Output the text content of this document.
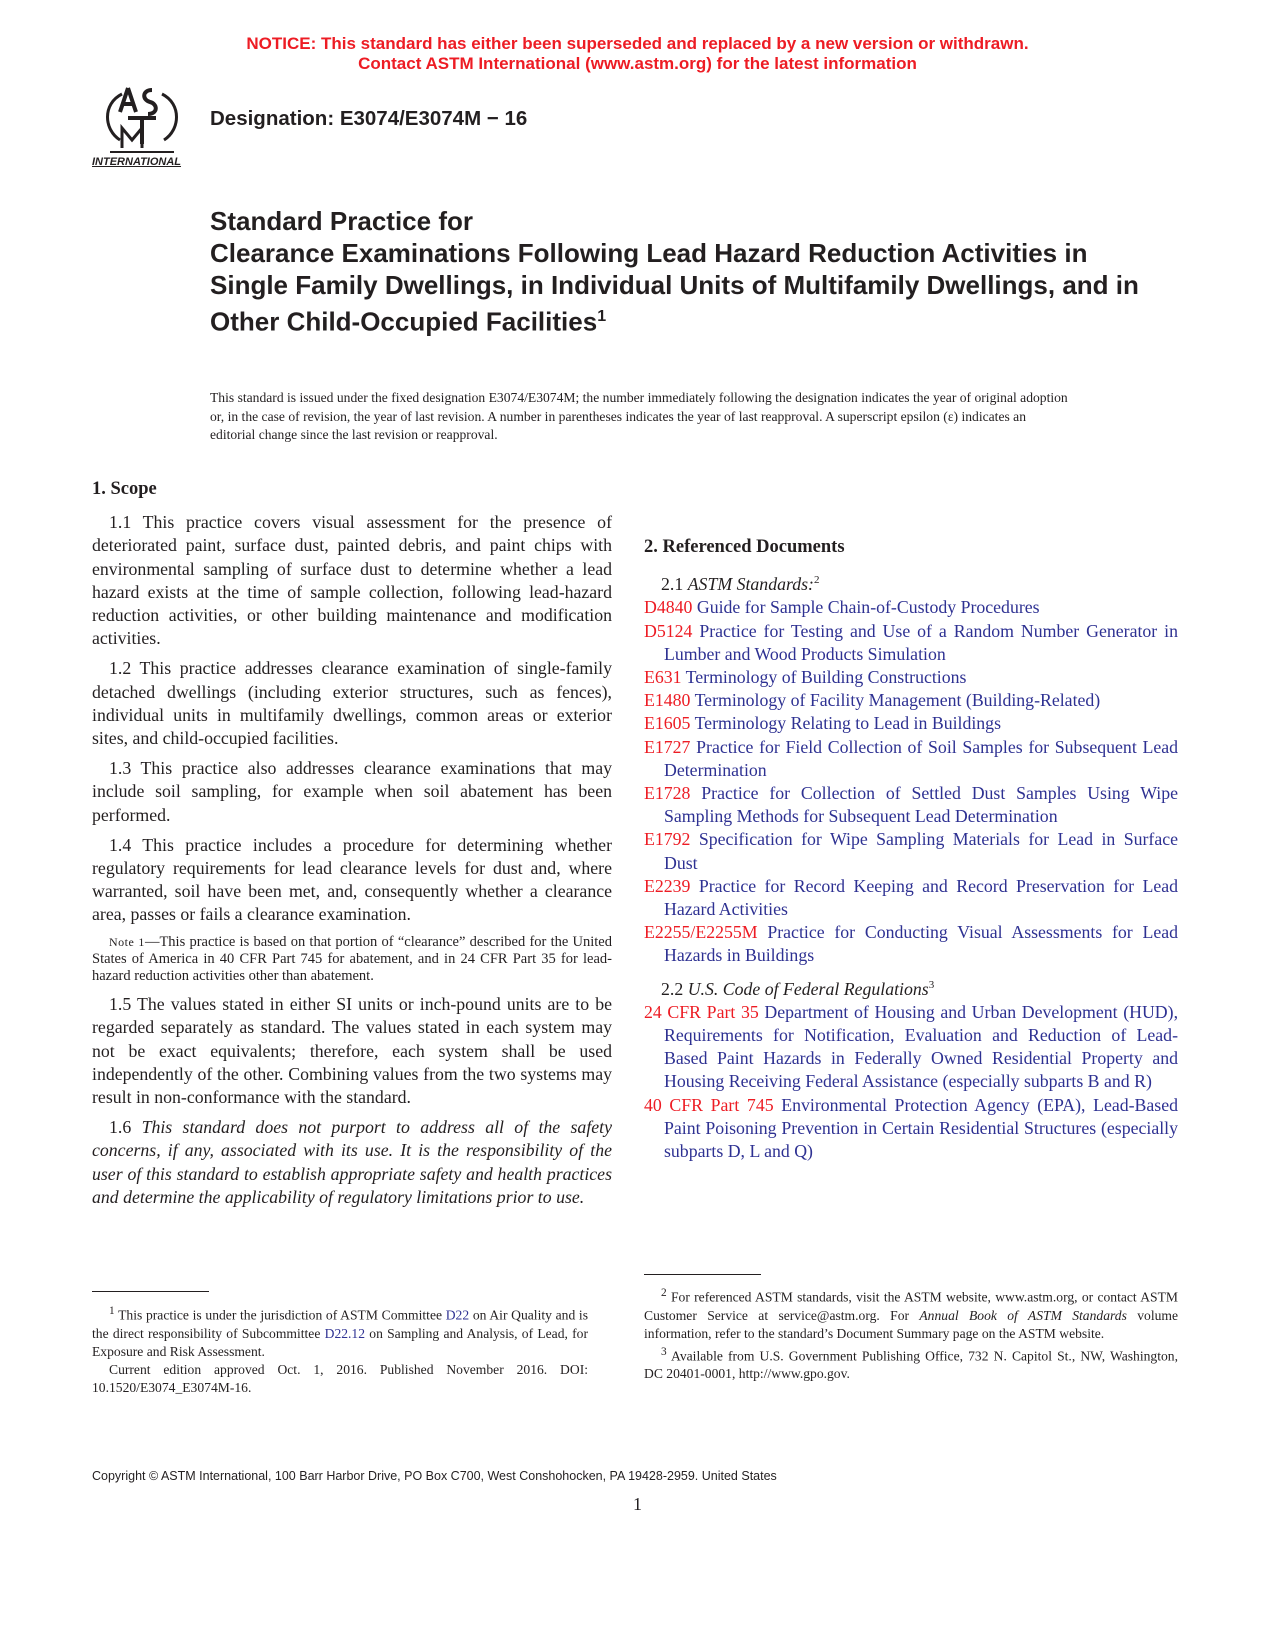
NOTICE: This standard has either been superseded and replaced by a new version or withdrawn.
Contact ASTM International (www.astm.org) for the latest information
INTERNATIONAL
Designation: E3074/E3074M − 16
Standard Practice for
Clearance Examinations Following Lead Hazard Reduction Activities in Single Family Dwellings, in Individual Units of Multifamily Dwellings, and in Other Child-Occupied Facilities$^1$
This standard is issued under the fixed designation E3074/E3074M; the number immediately following the designation indicates the year of original adoption or, in the case of revision, the year of last revision. A number in parentheses indicates the year of last reapproval. A superscript epsilon (ε) indicates an editorial change since the last revision or reapproval.
1. Scope

1.1 This practice covers visual assessment for the presence of deteriorated paint, surface dust, painted debris, and paint chips with environmental sampling of surface dust to determine whether a lead hazard exists at the time of sample collection, following lead-hazard reduction activities, or other building maintenance and modification activities.

1.2 This practice addresses clearance examination of single-family detached dwellings (including exterior structures, such as fences), individual units in multifamily dwellings, common areas or exterior sites, and child-occupied facilities.

1.3 This practice also addresses clearance examinations that may include soil sampling, for example when soil abatement has been performed.

1.4 This practice includes a procedure for determining whether regulatory requirements for lead clearance levels for dust and, where warranted, soil have been met, and, consequently whether a clearance area, passes or fails a clearance examination.

Note 1—This practice is based on that portion of “clearance” described for the United States of America in 40 CFR Part 745 for abatement, and in 24 CFR Part 35 for lead-hazard reduction activities other than abatement.

1.5 The values stated in either SI units or inch-pound units are to be regarded separately as standard. The values stated in each system may not be exact equivalents; therefore, each system shall be used independently of the other. Combining values from the two systems may result in non-conformance with the standard.

1.6 This standard does not purport to address all of the safety concerns, if any, associated with its use. It is the responsibility of the user of this standard to establish appropriate safety and health practices and determine the applicability of regulatory limitations prior to use.

2. Referenced Documents

2.1 ASTM Standards:$^2$

D4840 Guide for Sample Chain-of-Custody Procedures

D5124 Practice for Testing and Use of a Random Number Generator in Lumber and Wood Products Simulation

E631 Terminology of Building Constructions

E1480 Terminology of Facility Management (Building-Related)

E1605 Terminology Relating to Lead in Buildings

E1727 Practice for Field Collection of Soil Samples for Subsequent Lead Determination

E1728 Practice for Collection of Settled Dust Samples Using Wipe Sampling Methods for Subsequent Lead Determination

E1792 Specification for Wipe Sampling Materials for Lead in Surface Dust

E2239 Practice for Record Keeping and Record Preservation for Lead Hazard Activities

E2255/E2255M Practice for Conducting Visual Assessments for Lead Hazards in Buildings

2.2 U.S. Code of Federal Regulations$^3$

24 CFR Part 35 Department of Housing and Urban Development (HUD), Requirements for Notification, Evaluation and Reduction of Lead-Based Paint Hazards in Federally Owned Residential Property and Housing Receiving Federal Assistance (especially subparts B and R)

40 CFR Part 745 Environmental Protection Agency (EPA), Lead-Based Paint Poisoning Prevention in Certain Residential Structures (especially subparts D, L and Q)

$^1$ This practice is under the jurisdiction of ASTM Committee D22 on Air Quality and is the direct responsibility of Subcommittee D22.12 on Sampling and Analysis, of Lead, for Exposure and Risk Assessment.

Current edition approved Oct. 1, 2016. Published November 2016. DOI: 10.1520/E3074_E3074M-16.

$^2$ For referenced ASTM standards, visit the ASTM website, www.astm.org, or contact ASTM Customer Service at service@astm.org. For Annual Book of ASTM Standards volume information, refer to the standard’s Document Summary page on the ASTM website.

$^3$ Available from U.S. Government Publishing Office, 732 N. Capitol St., NW, Washington, DC 20401-0001, http://www.gpo.gov.

Copyright © ASTM International, 100 Barr Harbor Drive, PO Box C700, West Conshohocken, PA 19428-2959. United States
1
